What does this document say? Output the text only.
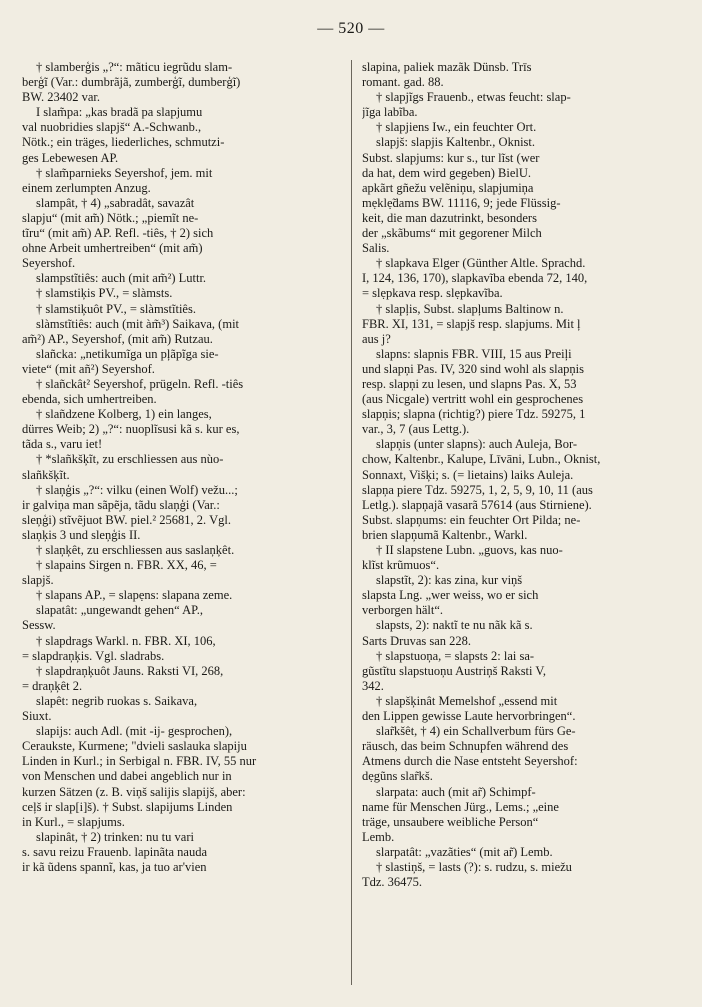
— 520 —
† slamberģis „?“: mãticu iegrũdu slam-
berģĩ (Var.: dumbrãjã, zumberģĩ, dumberģĩ)
BW. 23402 var.
I slam̃pa: „kas bradã pa slapjumu
val nuobridies slapjš“ A.-Schwanb.,
Nötk.; ein träges, liederliches, schmutzi-
ges Lebewesen AP.
† slam̃parnieks Seyershof, jem. mit
einem zerlumpten Anzug.
slampât, † 4) „sabradât, savazât
slapju“ (mit am̃) Nötk.; „piemĩt ne-
tĩru“ (mit am̃) AP. Refl. -tiês, † 2) sich
ohne Arbeit umhertreiben“ (mit am̃)
Seyershof.
slampstĩtiês: auch (mit am̃²) Luttr.
† slamstiķis PV., = slàmsts.
† slamstiķuôt PV., = slàmstĩtiês.
slàmstĩtiês: auch (mit àm̃³) Saikava, (mit
am̃²) AP., Seyershof, (mit am̃) Rutzau.
slañcka: „netikumĩga un pļãpĩga sie-
viete“ (mit añ²) Seyershof.
† slañckât² Seyershof, prügeln. Refl. -tiês
ebenda, sich umhertreiben.
† slañdzene Kolberg, 1) ein langes,
dürres Weib; 2) „?“: nuoplĩsusi kã s. kur es,
tãda s., varu iet!
† *slañkšķĩt, zu erschliessen aus nùo-
slañkšķĩt.
† slaņģis „?“: vilku (einen Wolf) vežu...;
ir galviņa man sãpẽja, tãdu slaņģi (Var.:
sleņģi) stĩvẽjuot BW. piel.² 25681, 2. Vgl.
slaņķis 3 und sleņģis II.
† slaņķêt, zu erschliessen aus saslaņķêt.
† slapains Sirgen n. FBR. XX, 46, =
slapjš.
† slapans AP., = slapẹns: slapana zeme.
slapatât: „ungewandt gehen“ AP.,
Sessw.
† slapdrags Warkl. n. FBR. XI, 106,
= slapdraņķis. Vgl. sladrabs.
† slapdraņķuôt Jauns. Raksti VI, 268,
= draņķêt 2.
slapêt: negrib ruokas s. Saikava,
Siuxt.
slapijs: auch Adl. (mit -ij- gesprochen),
Ceraukste, Kurmene; "dvieli saslauka slapiju
Linden in Kurl.; in Serbigal n. FBR. IV, 55 nur
von Menschen und dabei angeblich nur in
kurzen Sätzen (z. B. viņš salijis slapijš, aber:
ceļš ir slap[i]š). † Subst. slapijums Linden
in Kurl., = slapjums.
slapinât, † 2) trinken: nu tu vari
s. savu reizu Frauenb. lapinãta nauda
ir kã ũdens spannĩ, kas, ja tuo ar'vien
slapina, paliek mazãk Dünsb. Trīs
romant. gad. 88.
† slapjĩgs Frauenb., etwas feucht: slap-
jĩga labĩba.
† slapjiens Iw., ein feuchter Ort.
slapjš: slapjis Kaltenbr., Oknist.
Subst. slapjums: kur s., tur lĩst (wer
da hat, dem wird gegeben) BielU.
apkãrt gñežu velẽniņu, slapjumiņa
mẹklẹ̃dams BW. 11116, 9; jede Flüssig-
keit, die man dazutrinkt, besonders
der „skãbums“ mit gegorener Milch
Salis.
† slapkava Elger (Günther Altle. Sprachd.
I, 124, 136, 170), slapkavĩba ebenda 72, 140,
= slẹpkava resp. slẹpkavĩba.
† slapļis, Subst. slapļums Baltinow n.
FBR. XI, 131, = slapjš resp. slapjums. Mit ļ
aus j?
slapns: slapnis FBR. VIII, 15 aus Preiļi
und slapņi Pas. IV, 320 sind wohl als slapņis
resp. slapņi zu lesen, und slapns Pas. X, 53
(aus Nicgale) vertritt wohl ein gesprochenes
slapņis; slapna (richtig?) piere Tdz. 59275, 1
var., 3, 7 (aus Lettg.).
slapņis (unter slapns): auch Auleja, Bor-
chow, Kaltenbr., Kalupe, Līvāni, Lubn., Oknist,
Sonnaxt, Višķi; s. (= lietains) laiks Auleja.
slapņa piere Tdz. 59275, 1, 2, 5, 9, 10, 11 (aus
Letlg.). slapņajã vasarã 57614 (aus Stirniene).
Subst. slapņums: ein feuchter Ort Pilda; ne-
brien slapņumã Kaltenbr., Warkl.
† II slapstene Lubn. „guovs, kas nuo-
klĩst krũmuos“.
slapstĩt, 2): kas zina, kur viņš
slapsta Lng. „wer weiss, wo er sich
verborgen hält“.
slapsts, 2): naktĩ te nu nãk kã s.
Sarts Druvas san 228.
† slapstuoņa, = slapsts 2: lai sa-
gũstĩtu slapstuoņu Austriņš Raksti V,
342.
† slapšķinât Memelshof „essend mit
den Lippen gewisse Laute hervorbringen“.
slar̃kšêt, † 4) ein Schallverbum fürs Ge-
räusch, das beim Schnupfen während des
Atmens durch die Nase entsteht Seyershof:
dẹgũns slar̃kš.
slarpata: auch (mit ar̃) Schimpf-
name für Menschen Jürg., Lems.; „eine
träge, unsaubere weibliche Person“
Lemb.
slarpatât: „vazãties“ (mit ar̃) Lemb.
† slastiņš, = lasts (?): s. rudzu, s. miežu
Tdz. 36475.
